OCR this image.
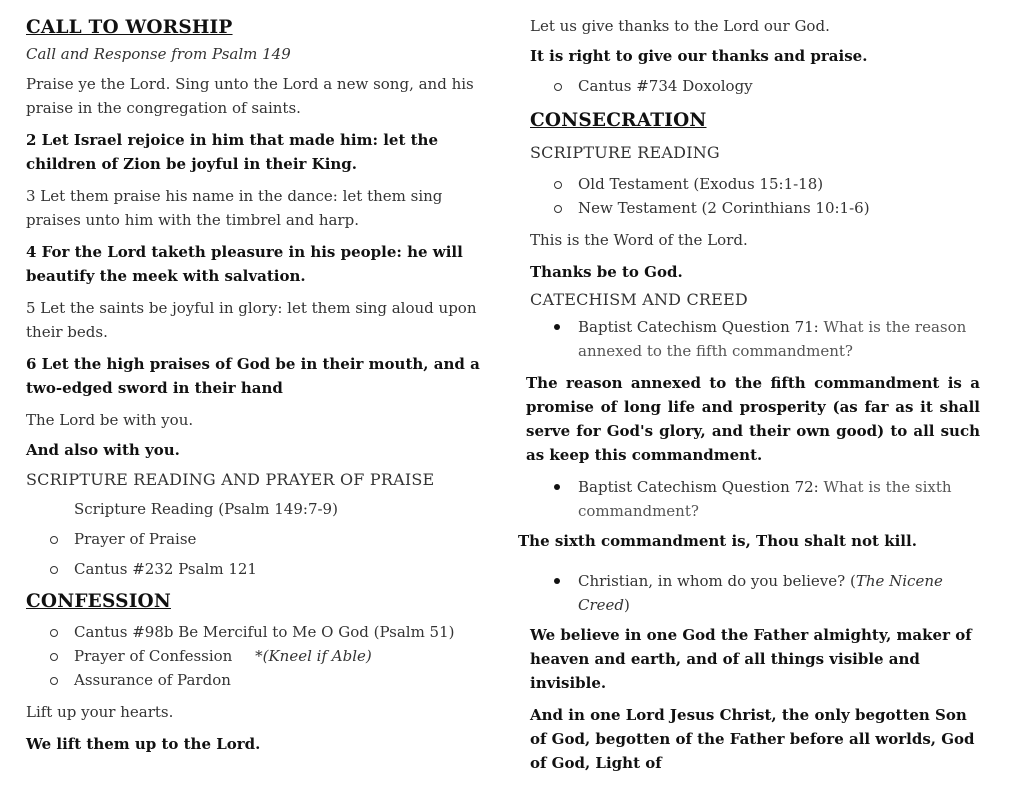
CALL TO WORSHIP

Call and Response from Psalm 149

Praise ye the Lord. Sing unto the Lord a new song, and his praise in the congregation of saints.

2 Let Israel rejoice in him that made him: let the children of Zion be joyful in their King.

3 Let them praise his name in the dance: let them sing praises unto him with the timbrel and harp.

4 For the Lord taketh pleasure in his people: he will beautify the meek with salvation.

5 Let the saints be joyful in glory: let them sing aloud upon their beds.

6 Let the high praises of God be in their mouth, and a two-edged sword in their hand

The Lord be with you.

And also with you.

SCRIPTURE READING AND PRAYER OF PRAISE

Scripture Reading (Psalm 149:7-9)
Prayer of Praise
Cantus #232 Psalm 121
CONFESSION
Cantus #98b Be Merciful to Me O God (Psalm 51)
Prayer of Confession *(Kneel if Able)
Assurance of Pardon

Lift up your hearts.

We lift them up to the Lord.

Let us give thanks to the Lord our God.

It is right to give our thanks and praise.

Cantus #734 Doxology
CONSECRATION

SCRIPTURE READING

Old Testament (Exodus 15:1-18)
New Testament (2 Corinthians 10:1-6)

This is the Word of the Lord.

Thanks be to God.

CATECHISM AND CREED

Baptist Catechism Question 71: What is the reason annexed to the fifth commandment?

The reason annexed to the fifth commandment is a promise of long life and prosperity (as far as it shall serve for God's glory, and their own good) to all such as keep this commandment.

Baptist Catechism Question 72: What is the sixth commandment?

The sixth commandment is, Thou shalt not kill.

Christian, in whom do you believe? (The Nicene Creed)

We believe in one God the Father almighty, maker of heaven and earth, and of all things visible and invisible.

And in one Lord Jesus Christ, the only begotten Son of God, begotten of the Father before all worlds, God of God, Light of
